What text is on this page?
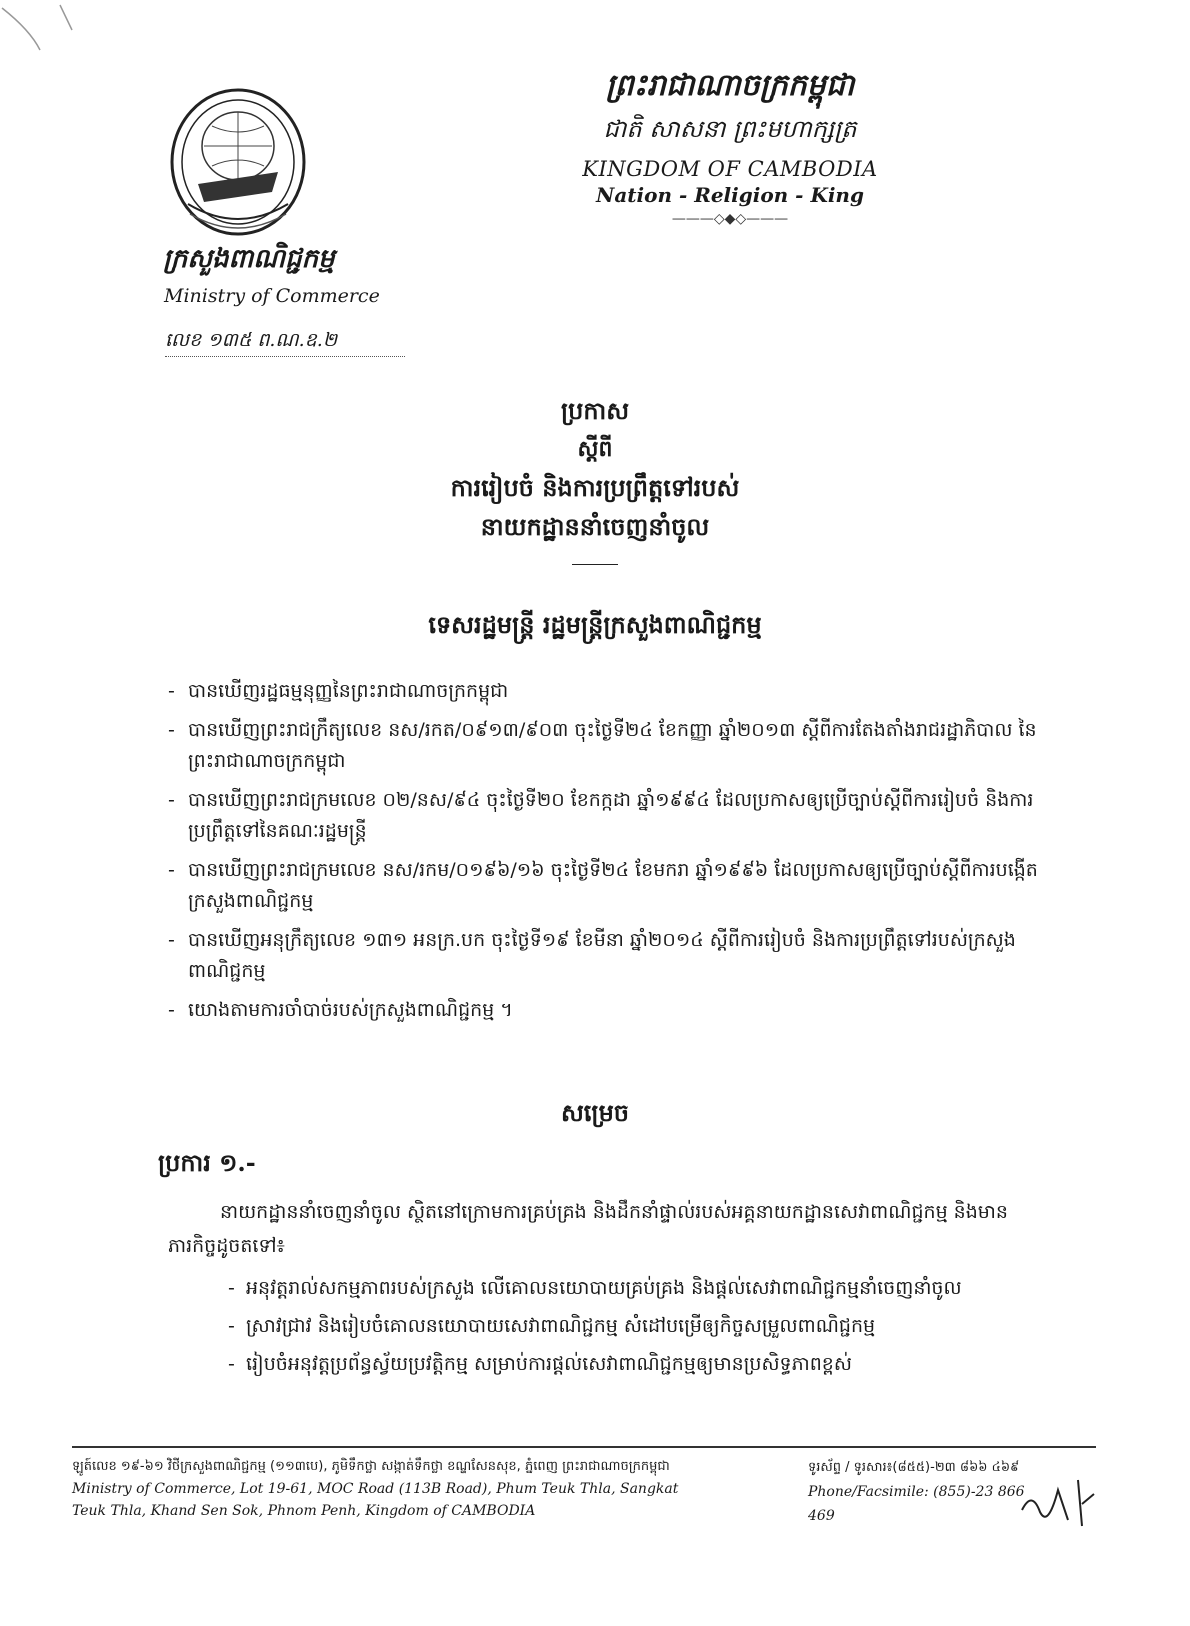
ក្រសួងពាណិជ្ជកម្ម
Ministry of Commerce
លេខ ១៣៥ ព.ណ.ឧ.២
ព្រះរាជាណាចក្រកម្ពុជា
ជាតិ សាសនា ព្រះមហាក្សត្រ
KINGDOM OF CAMBODIA
Nation - Religion - King
———◇◆◇———
ប្រកាស
ស្តីពី
ការរៀបចំ និងការប្រព្រឹត្តទៅរបស់
នាយកដ្ឋាននាំចេញនាំចូល
ទេសរដ្ឋមន្ត្រី រដ្ឋមន្ត្រីក្រសួងពាណិជ្ជកម្ម
- បានឃើញរដ្ឋធម្មនុញ្ញនៃព្រះរាជាណាចក្រកម្ពុជា
- បានឃើញព្រះរាជក្រឹត្យលេខ នស/រកត/០៩១៣/៩០៣ ចុះថ្ងៃទី២៤ ខែកញ្ញា ឆ្នាំ២០១៣ ស្តីពីការតែងតាំងរាជរដ្ឋាភិបាល នៃព្រះរាជាណាចក្រកម្ពុជា
- បានឃើញព្រះរាជក្រមលេខ ០២/នស/៩៤ ចុះថ្ងៃទី២០ ខែកក្កដា ឆ្នាំ១៩៩៤ ដែលប្រកាសឲ្យប្រើច្បាប់ស្តីពីការរៀបចំ និងការប្រព្រឹត្តទៅនៃគណៈរដ្ឋមន្ត្រី
- បានឃើញព្រះរាជក្រមលេខ នស/រកម/០១៩៦/១៦ ចុះថ្ងៃទី២៤ ខែមករា ឆ្នាំ១៩៩៦ ដែលប្រកាសឲ្យប្រើច្បាប់ស្តីពីការបង្កើតក្រសួងពាណិជ្ជកម្ម
- បានឃើញអនុក្រឹត្យលេខ ១៣១ អនក្រ.បក ចុះថ្ងៃទី១៩ ខែមីនា ឆ្នាំ២០១៤ ស្តីពីការរៀបចំ និងការប្រព្រឹត្តទៅរបស់ក្រសួងពាណិជ្ជកម្ម
- យោងតាមការចាំបាច់របស់ក្រសួងពាណិជ្ជកម្ម ។
សម្រេច
ប្រការ ១.-
នាយកដ្ឋាននាំចេញនាំចូល ស្ថិតនៅក្រោមការគ្រប់គ្រង និងដឹកនាំផ្ទាល់របស់អគ្គនាយកដ្ឋានសេវាពាណិជ្ជកម្ម និងមានភារកិច្ចដូចតទៅ៖
- អនុវត្តរាល់សកម្មភាពរបស់ក្រសួង លើគោលនយោបាយគ្រប់គ្រង និងផ្តល់សេវាពាណិជ្ជកម្មនាំចេញនាំចូល
- ស្រាវជ្រាវ និងរៀបចំគោលនយោបាយសេវាពាណិជ្ជកម្ម សំដៅបម្រើឲ្យកិច្ចសម្រួលពាណិជ្ជកម្ម
- រៀបចំអនុវត្តប្រព័ន្ធស្វ័យប្រវត្តិកម្ម សម្រាប់ការផ្តល់សេវាពាណិជ្ជកម្មឲ្យមានប្រសិទ្ធភាពខ្ពស់
ឡូត៍លេខ ១៩-៦១ វិថីក្រសួងពាណិជ្ជកម្ម (១១៣បេ), ភូមិទឹកថ្លា សង្កាត់ទឹកថ្លា ខណ្ឌសែនសុខ, ភ្នំពេញ ព្រះរាជាណាចក្រកម្ពុជា
Ministry of Commerce, Lot 19-61, MOC Road (113B Road), Phum Teuk Thla, Sangkat
Teuk Thla, Khand Sen Sok, Phnom Penh, Kingdom of CAMBODIA
ទូរស័ព្ទ / ទូរសារ៖(៨៥៥)-២៣ ៨៦៦ ៤៦៩
Phone/Facsimile: (855)-23 866 469
